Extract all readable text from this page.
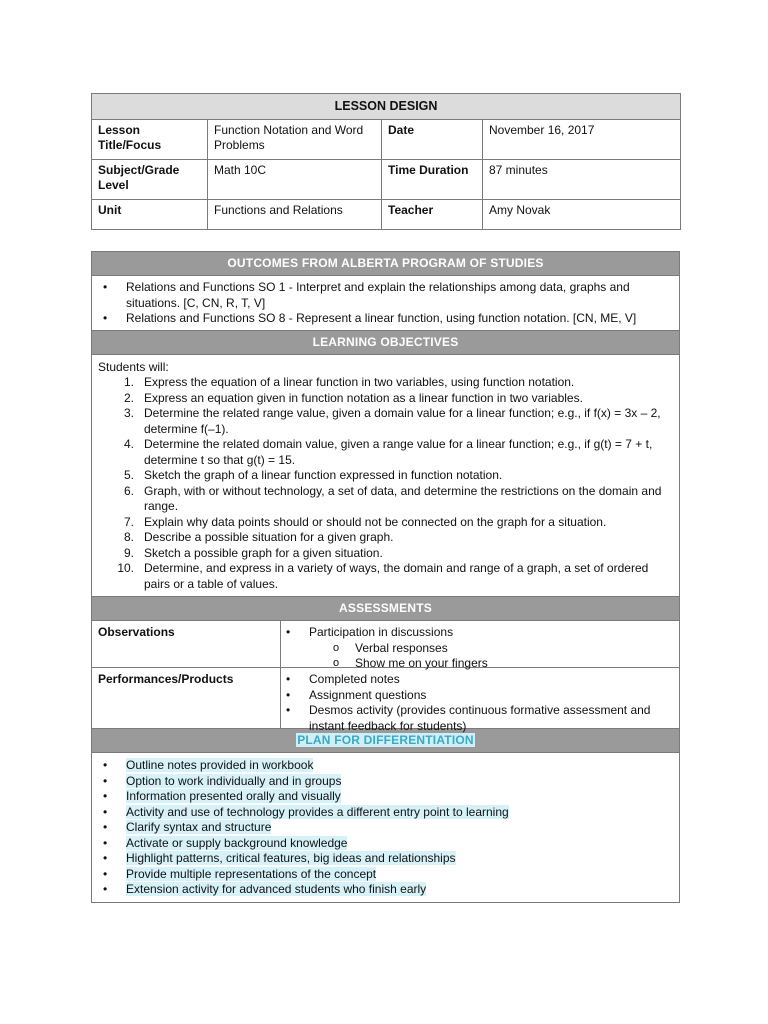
LESSON DESIGN			
Lesson Title/Focus	Function Notation and Word Problems	Date	November 16, 2017
Subject/Grade Level	Math 10C	Time Duration	87 minutes
Unit	Functions and Relations	Teacher	Amy Novak
OUTCOMES FROM ALBERTA PROGRAM OF STUDIES
• Relations and Functions SO 1 - Interpret and explain the relationships among data, graphs and situations. [C, CN, R, T, V]
• Relations and Functions SO 8 - Represent a linear function, using function notation. [CN, ME, V]
LEARNING OBJECTIVES
Students will:
1. Express the equation of a linear function in two variables, using function notation.
2. Express an equation given in function notation as a linear function in two variables.
3. Determine the related range value, given a domain value for a linear function; e.g., if f(x) = 3x – 2, determine f(–1).
4. Determine the related domain value, given a range value for a linear function; e.g., if g(t) = 7 + t, determine t so that g(t) = 15.
5. Sketch the graph of a linear function expressed in function notation.
6. Graph, with or without technology, a set of data, and determine the restrictions on the domain and range.
7. Explain why data points should or should not be connected on the graph for a situation.
8. Describe a possible situation for a given graph.
9. Sketch a possible graph for a given situation.
10. Determine, and express in a variety of ways, the domain and range of a graph, a set of ordered pairs or a table of values.
ASSESSMENTS
Observations	• Participation in discussions
o Verbal responses
o Show me on your fingers
Performances/Products	• Completed notes
• Assignment questions
• Desmos activity (provides continuous formative assessment and instant feedback for students)
PLAN FOR DIFFERENTIATION
• Outline notes provided in workbook
• Option to work individually and in groups
• Information presented orally and visually
• Activity and use of technology provides a different entry point to learning
• Clarify syntax and structure
• Activate or supply background knowledge
• Highlight patterns, critical features, big ideas and relationships
• Provide multiple representations of the concept
• Extension activity for advanced students who finish early
